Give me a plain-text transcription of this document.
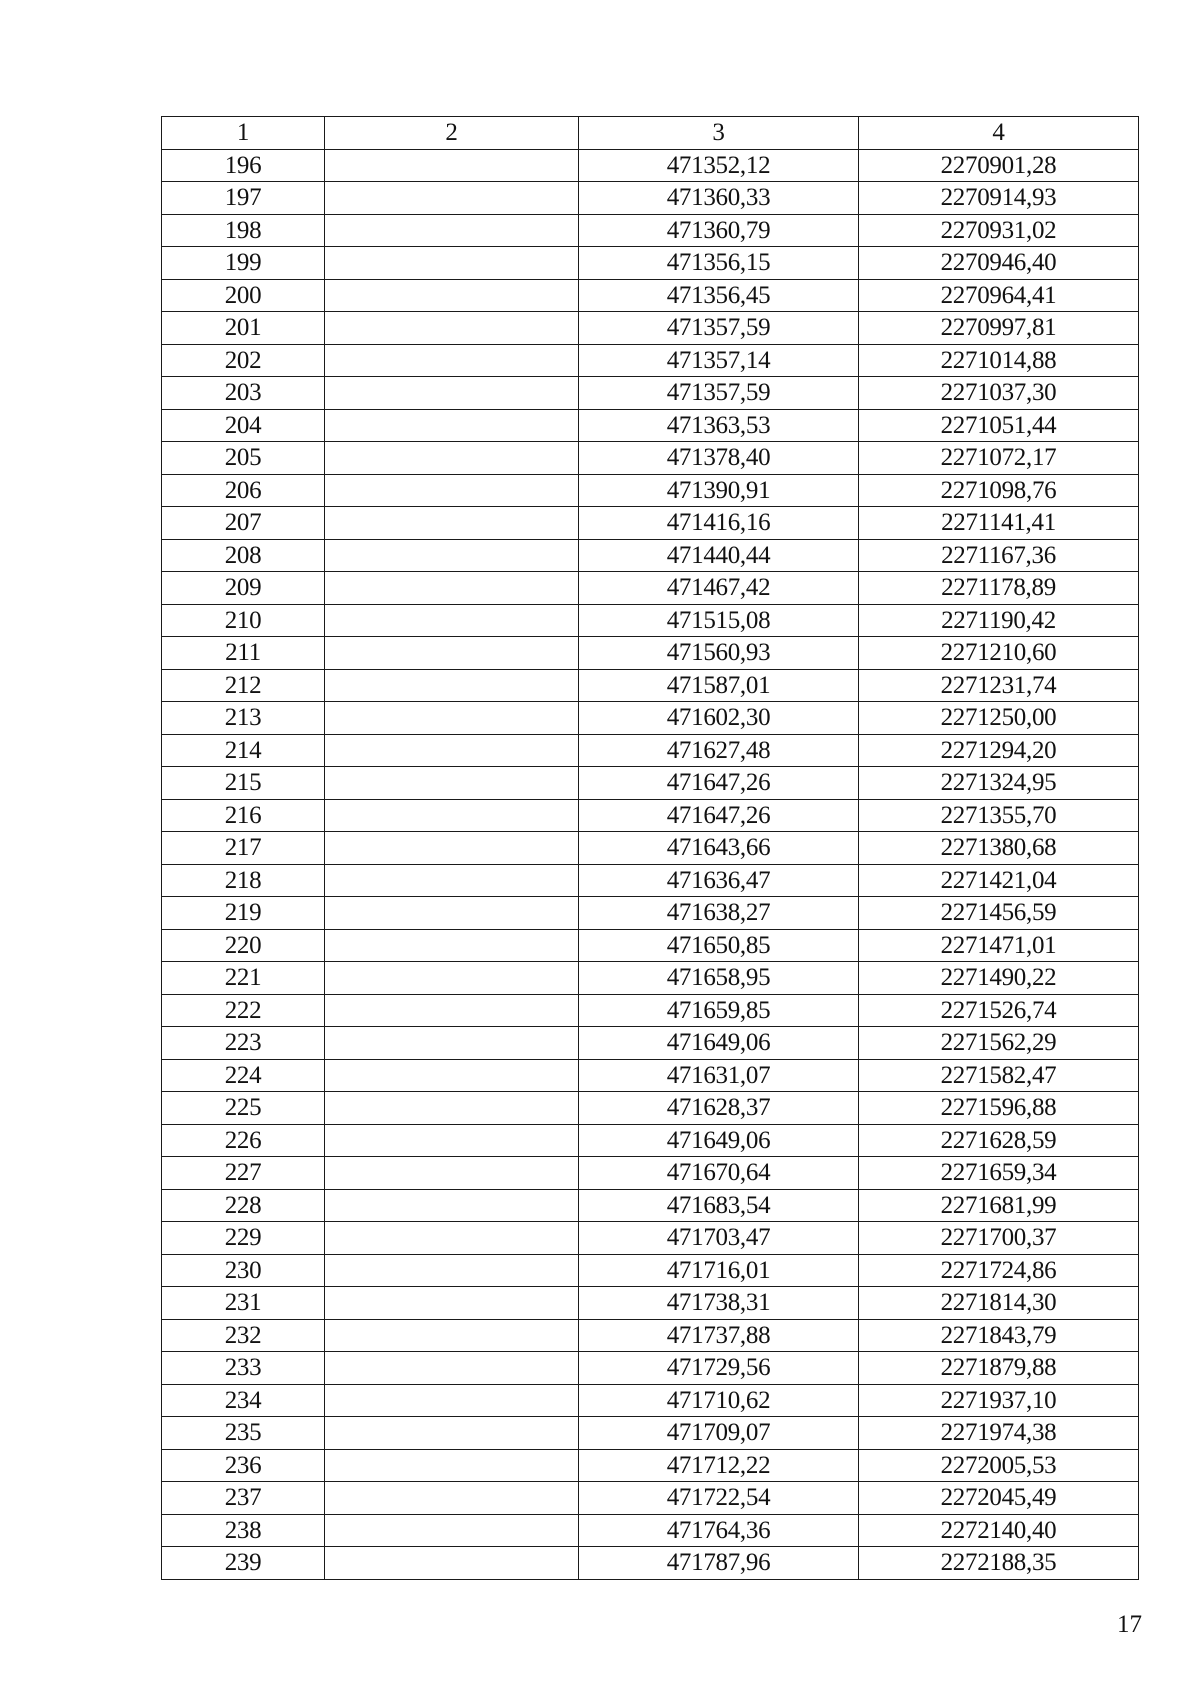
1	2	3	4
196		471352,12	2270901,28
197		471360,33	2270914,93
198		471360,79	2270931,02
199		471356,15	2270946,40
200		471356,45	2270964,41
201		471357,59	2270997,81
202		471357,14	2271014,88
203		471357,59	2271037,30
204		471363,53	2271051,44
205		471378,40	2271072,17
206		471390,91	2271098,76
207		471416,16	2271141,41
208		471440,44	2271167,36
209		471467,42	2271178,89
210		471515,08	2271190,42
211		471560,93	2271210,60
212		471587,01	2271231,74
213		471602,30	2271250,00
214		471627,48	2271294,20
215		471647,26	2271324,95
216		471647,26	2271355,70
217		471643,66	2271380,68
218		471636,47	2271421,04
219		471638,27	2271456,59
220		471650,85	2271471,01
221		471658,95	2271490,22
222		471659,85	2271526,74
223		471649,06	2271562,29
224		471631,07	2271582,47
225		471628,37	2271596,88
226		471649,06	2271628,59
227		471670,64	2271659,34
228		471683,54	2271681,99
229		471703,47	2271700,37
230		471716,01	2271724,86
231		471738,31	2271814,30
232		471737,88	2271843,79
233		471729,56	2271879,88
234		471710,62	2271937,10
235		471709,07	2271974,38
236		471712,22	2272005,53
237		471722,54	2272045,49
238		471764,36	2272140,40
239		471787,96	2272188,35
17
